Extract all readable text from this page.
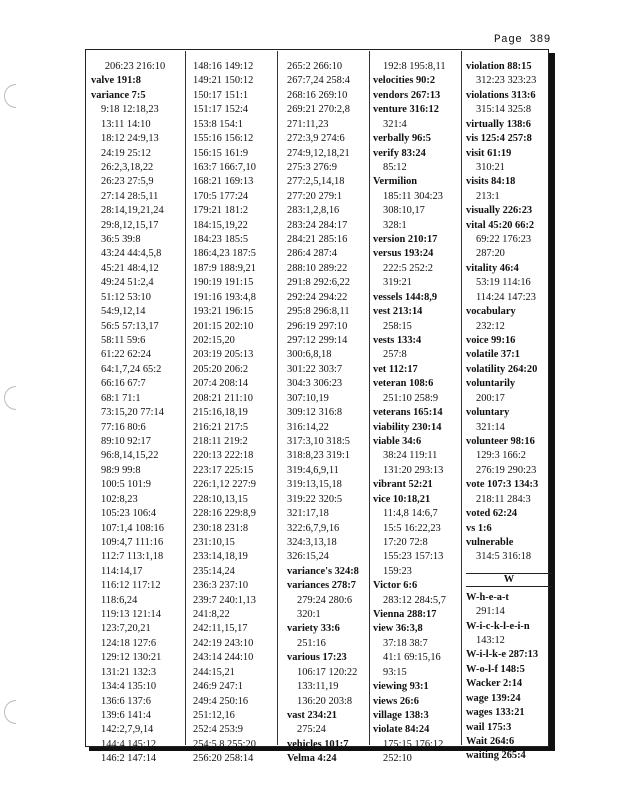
Page 389
206:23 216:10
valve 191:8
variance 7:5
9:18 12:18,23
13:11 14:10
18:12 24:9,13
24:19 25:12
26:2,3,18,22
26:23 27:5,9
27:14 28:5,11
28:14,19,21,24
29:8,12,15,17
36:5 39:8
43:24 44:4,5,8
45:21 48:4,12
49:24 51:2,4
51:12 53:10
54:9,12,14
56:5 57:13,17
58:11 59:6
61:22 62:24
64:1,7,24 65:2
66:16 67:7
68:1 71:1
73:15,20 77:14
77:16 80:6
89:10 92:17
96:8,14,15,22
98:9 99:8
100:5 101:9
102:8,23
105:23 106:4
107:1,4 108:16
109:4,7 111:16
112:7 113:1,18
114:14,17
116:12 117:12
118:6,24
119:13 121:14
123:7,20,21
124:18 127:6
129:12 130:21
131:21 132:3
134:4 135:10
136:6 137:6
139:6 141:4
142:2,7,9,14
144:4 145:12
146:2 147:14
148:16 149:12
149:21 150:12
150:17 151:1
151:17 152:4
153:8 154:1
155:16 156:12
156:15 161:9
163:7 166:7,10
168:21 169:13
170:5 177:24
179:21 181:2
184:15,19,22
184:23 185:5
186:4,23 187:5
187:9 188:9,21
190:19 191:15
191:16 193:4,8
193:21 196:15
201:15 202:10
202:15,20
203:19 205:13
205:20 206:2
207:4 208:14
208:21 211:10
215:16,18,19
216:21 217:5
218:11 219:2
220:13 222:18
223:17 225:15
226:1,12 227:9
228:10,13,15
228:16 229:8,9
230:18 231:8
231:10,15
233:14,18,19
235:14,24
236:3 237:10
239:7 240:1,13
241:8,22
242:11,15,17
242:19 243:10
243:14 244:10
244:15,21
246:9 247:1
249:4 250:16
251:12,16
252:4 253:9
254:5,8 255:20
256:20 258:14
265:2 266:10
267:7,24 258:4
268:16 269:10
269:21 270:2,8
271:11,23
272:3,9 274:6
274:9,12,18,21
275:3 276:9
277:2,5,14,18
277:20 279:1
283:1,2,8,16
283:24 284:17
284:21 285:16
286:4 287:4
288:10 289:22
291:8 292:6,22
292:24 294:22
295:8 296:8,11
296:19 297:10
297:12 299:14
300:6,8,18
301:22 303:7
304:3 306:23
307:10,19
309:12 316:8
316:14,22
317:3,10 318:5
318:8,23 319:1
319:4,6,9,11
319:13,15,18
319:22 320:5
321:17,18
322:6,7,9,16
324:3,13,18
326:15,24
variance's 324:8
variances 278:7
279:24 280:6
320:1
variety 33:6
251:16
various 17:23
106:17 120:22
133:11,19
136:20 203:8
vast 234:21
275:24
vehicles 101:7
Velma 4:24
192:8 195:8,11
velocities 90:2
vendors 267:13
venture 316:12
321:4
verbally 96:5
verify 83:24
85:12
Vermilion
185:11 304:23
308:10,17
328:1
version 210:17
versus 193:24
222:5 252:2
319:21
vessels 144:8,9
vest 213:14
258:15
vests 133:4
257:8
vet 112:17
veteran 108:6
251:10 258:9
veterans 165:14
viability 230:14
viable 34:6
38:24 119:11
131:20 293:13
vibrant 52:21
vice 10:18,21
11:4,8 14:6,7
15:5 16:22,23
17:20 72:8
155:23 157:13
159:23
Victor 6:6
283:12 284:5,7
Vienna 288:17
view 36:3,8
37:18 38:7
41:1 69:15,16
93:15
viewing 93:1
views 26:6
village 138:3
violate 84:24
175:15 176:12
252:10
violation 88:15
312:23 323:23
violations 313:6
315:14 325:8
virtually 138:6
vis 125:4 257:8
visit 61:19
310:21
visits 84:18
213:1
visually 226:23
vital 45:20 66:2
69:22 176:23
287:20
vitality 46:4
53:19 114:16
114:24 147:23
vocabulary
232:12
voice 99:16
volatile 37:1
volatility 264:20
voluntarily
200:17
voluntary
321:14
volunteer 98:16
129:3 166:2
276:19 290:23
vote 107:3 134:3
218:11 284:3
voted 62:24
vs 1:6
vulnerable
314:5 316:18
W
W-h-e-a-t
291:14
W-i-c-k-l-e-i-n
143:12
W-i-l-k-e 287:13
W-o-l-f 148:5
Wacker 2:14
wage 139:24
wages 133:21
wail 175:3
Wait 264:6
waiting 265:4
